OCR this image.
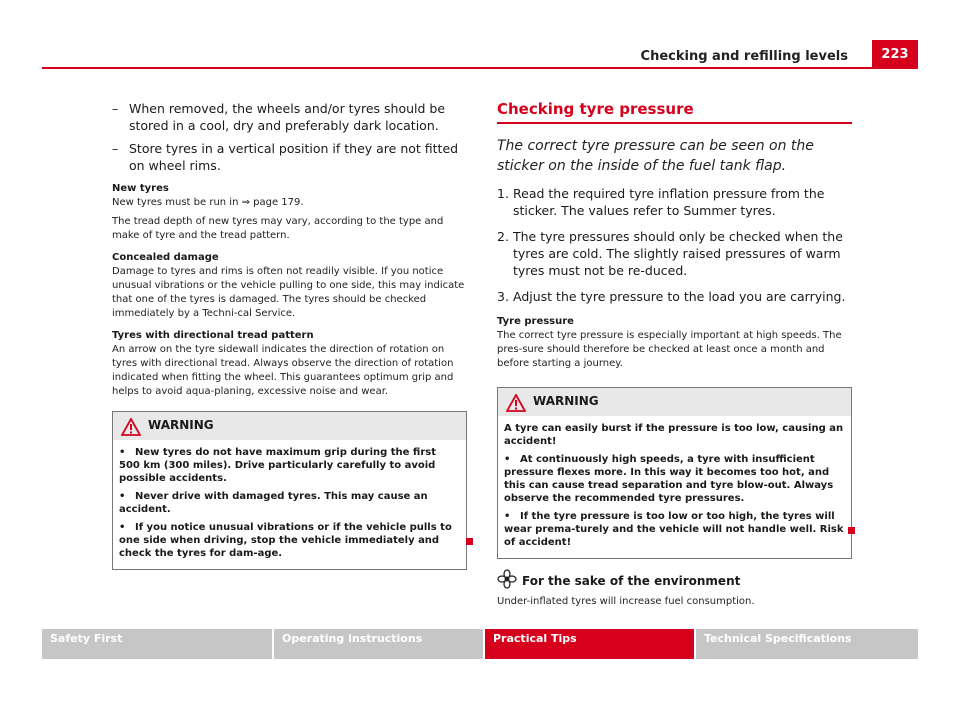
Checking and refilling levels	223
– When removed, the wheels and/or tyres should be stored in a cool, dry and preferably dark location.
– Store tyres in a vertical position if they are not fitted on wheel rims.
New tyres

New tyres must be run in ⇒ page 179.

The tread depth of new tyres may vary, according to the type and make of tyre and the tread pattern.

Concealed damage

Damage to tyres and rims is often not readily visible. If you notice unusual vibrations or the vehicle pulling to one side, this may indicate that one of the tyres is damaged. The tyres should be checked immediately by a Techni-cal Service.

Tyres with directional tread pattern

An arrow on the tyre sidewall indicates the direction of rotation on tyres with directional tread. Always observe the direction of rotation indicated when fitting the wheel. This guarantees optimum grip and helps to avoid aqua-planing, excessive noise and wear.

WARNING
• New tyres do not have maximum grip during the first 500 km (300 miles). Drive particularly carefully to avoid possible accidents.
• Never drive with damaged tyres. This may cause an accident.
• If you notice unusual vibrations or if the vehicle pulls to one side when driving, stop the vehicle immediately and check the tyres for dam-age.
Checking tyre pressure
The correct tyre pressure can be seen on the sticker on the inside of the fuel tank flap.
1. Read the required tyre inflation pressure from the sticker. The values refer to Summer tyres.
2. The tyre pressures should only be checked when the tyres are cold. The slightly raised pressures of warm tyres must not be re-duced.
3. Adjust the tyre pressure to the load you are carrying.
Tyre pressure

The correct tyre pressure is especially important at high speeds. The pres-sure should therefore be checked at least once a month and before starting a journey.

WARNING
A tyre can easily burst if the pressure is too low, causing an accident!
• At continuously high speeds, a tyre with insufficient pressure flexes more. In this way it becomes too hot, and this can cause tread separation and tyre blow-out. Always observe the recommended tyre pressures.
• If the tyre pressure is too low or too high, the tyres will wear prema-turely and the vehicle will not handle well. Risk of accident!
For the sake of the environment

Under-inflated tyres will increase fuel consumption.

Safety First	Operating instructions	Practical Tips	Technical Specifications
